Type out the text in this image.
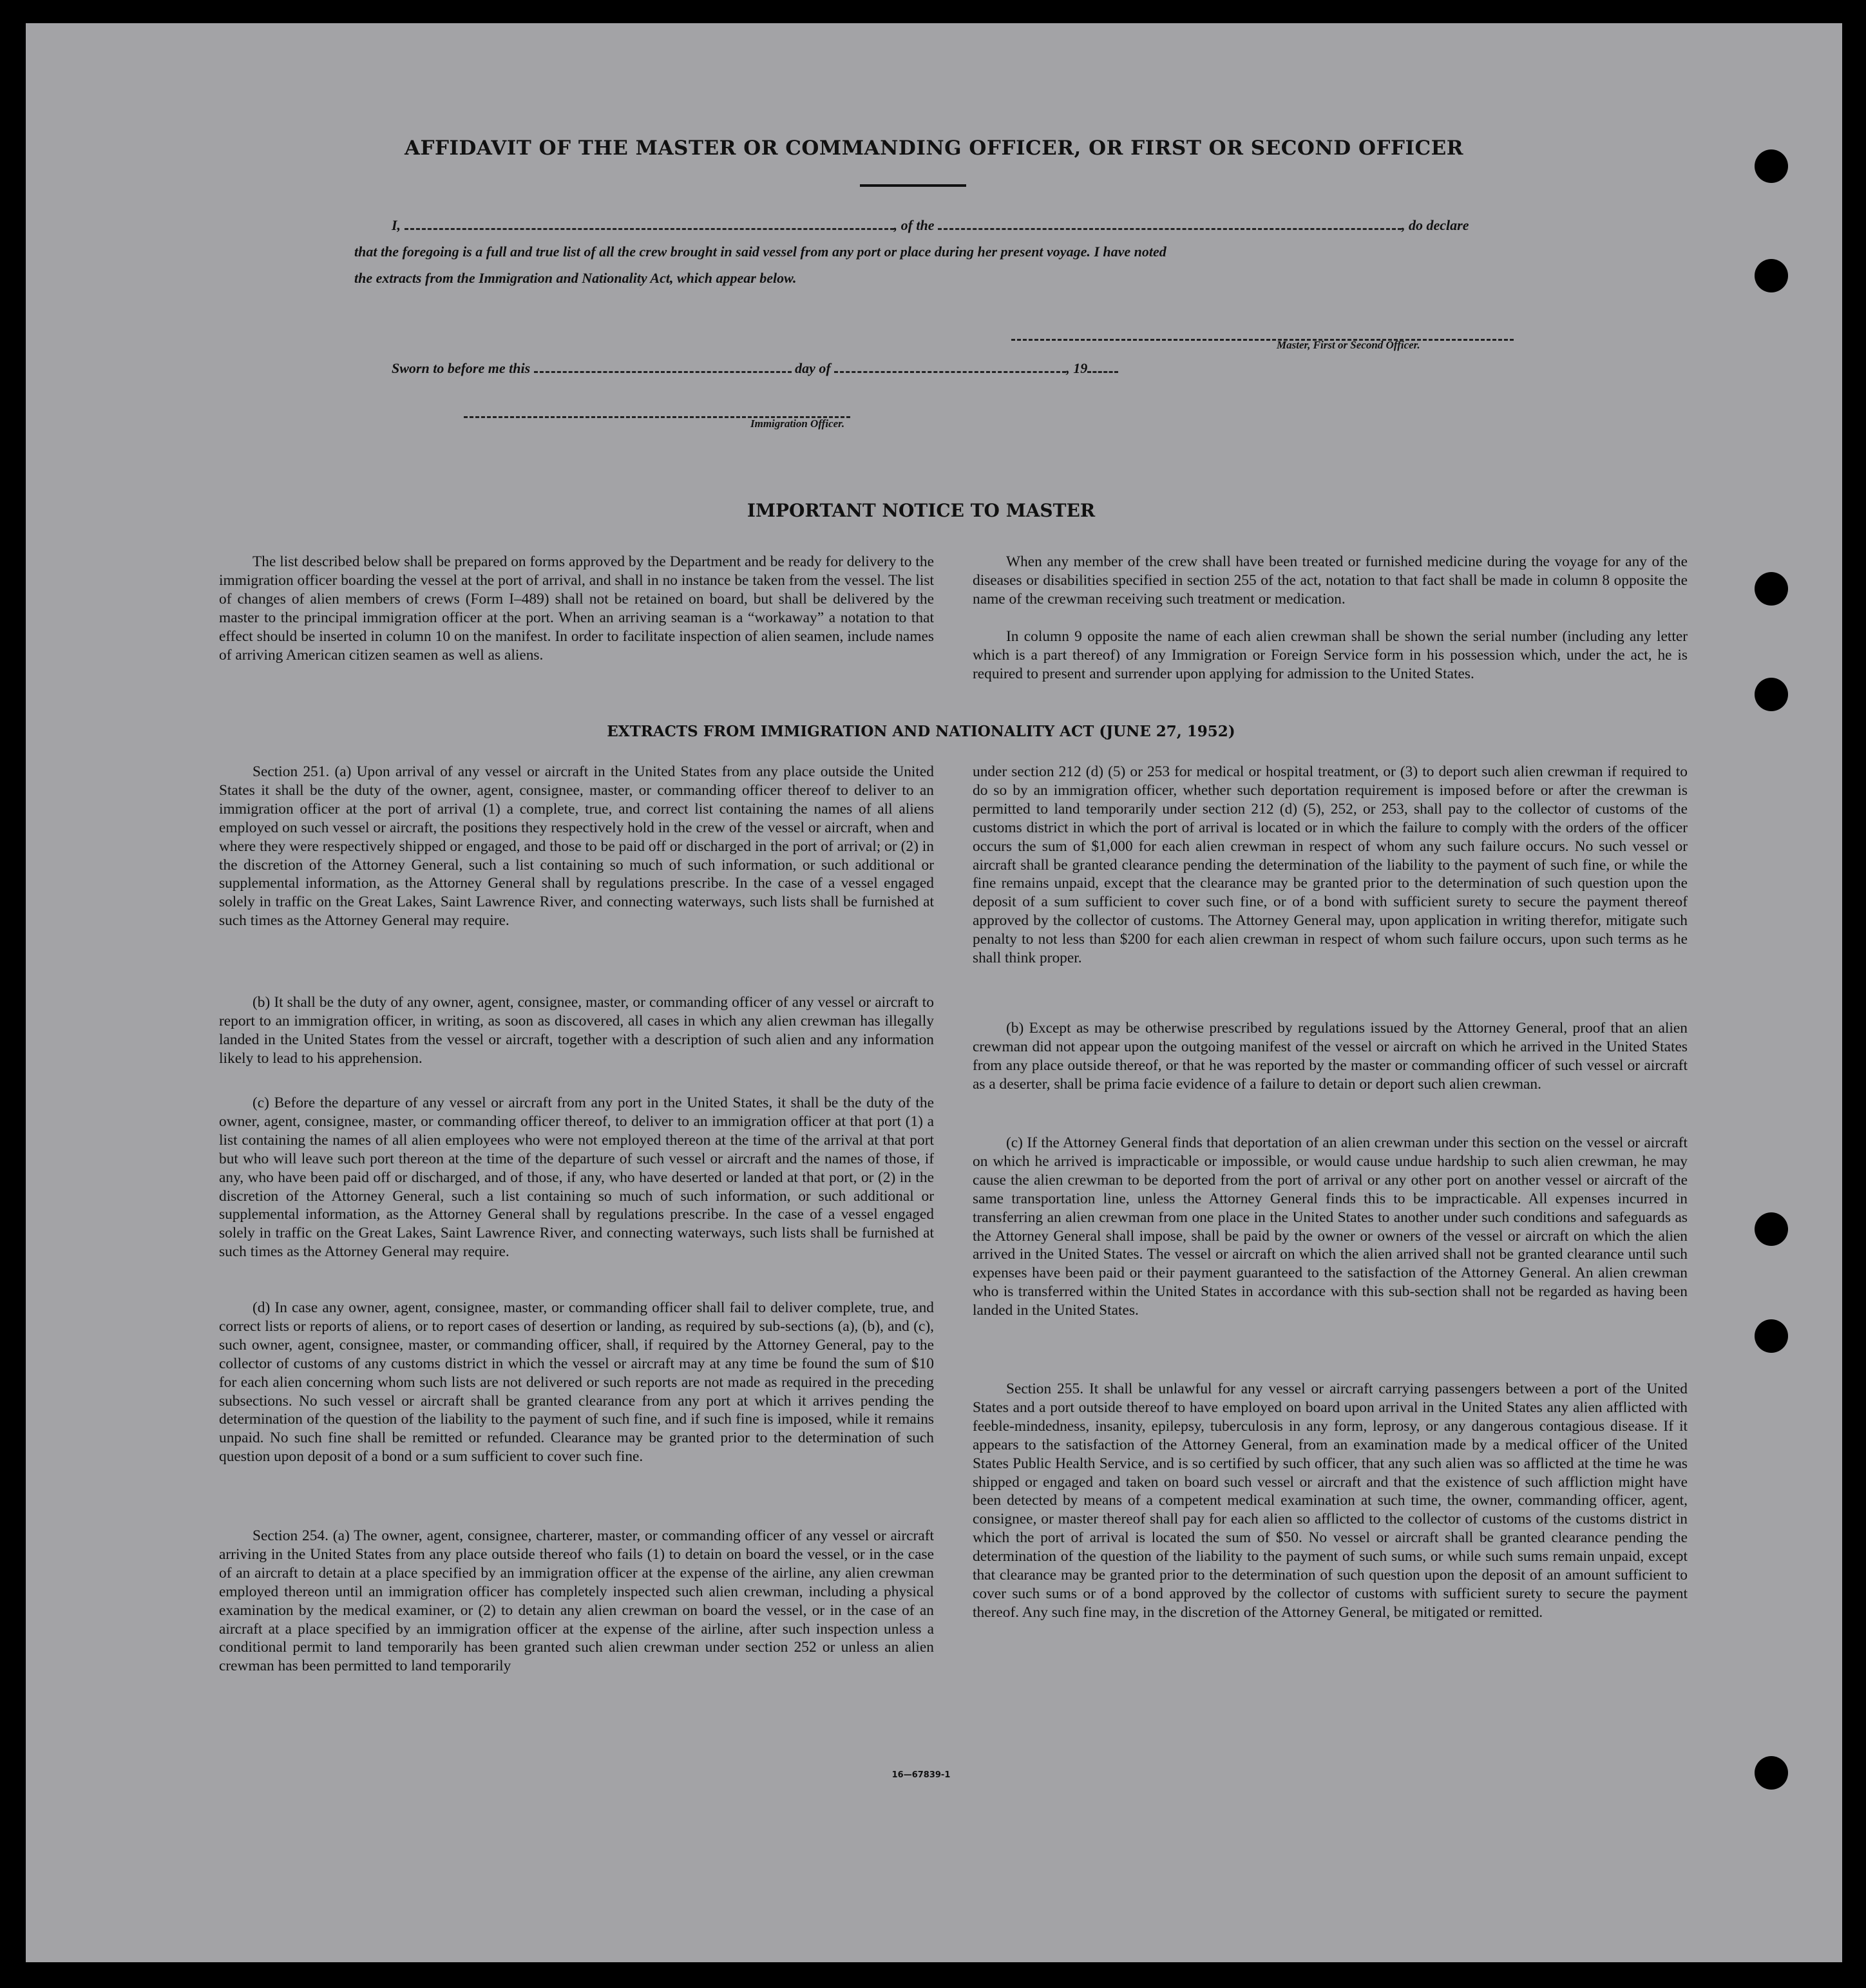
AFFIDAVIT OF THE MASTER OR COMMANDING OFFICER, OR FIRST OR SECOND OFFICER
I,	, of the	, do declare
that the foregoing is a full and true list of all the crew brought in said vessel from any port or place during her present voyage. I have noted
the extracts from the Immigration and Nationality Act, which appear below.
Master, First or Second Officer.
Sworn to before me this	day of	, 19
Immigration Officer.
IMPORTANT NOTICE TO MASTER

The list described below shall be prepared on forms approved by the Department and be ready for delivery to the immigration officer boarding the vessel at the port of arrival, and shall in no instance be taken from the vessel. The list of changes of alien members of crews (Form I–489) shall not be retained on board, but shall be delivered by the master to the principal immigration officer at the port. When an arriving seaman is a “workaway” a notation to that effect should be inserted in column 10 on the manifest. In order to facilitate inspection of alien seamen, include names of arriving American citizen seamen as well as aliens.

When any member of the crew shall have been treated or furnished medicine during the voyage for any of the diseases or disabilities specified in section 255 of the act, notation to that fact shall be made in column 8 opposite the name of the crewman receiving such treatment or medication.

In column 9 opposite the name of each alien crewman shall be shown the serial number (including any letter which is a part thereof) of any Immigration or Foreign Service form in his possession which, under the act, he is required to present and surrender upon applying for admission to the United States.

EXTRACTS FROM IMMIGRATION AND NATIONALITY ACT (JUNE 27, 1952)

Section 251. (a) Upon arrival of any vessel or aircraft in the United States from any place outside the United States it shall be the duty of the owner, agent, consignee, master, or commanding officer thereof to deliver to an immigration officer at the port of arrival (1) a complete, true, and correct list containing the names of all aliens employed on such vessel or aircraft, the positions they respectively hold in the crew of the vessel or aircraft, when and where they were respectively shipped or engaged, and those to be paid off or discharged in the port of arrival; or (2) in the discretion of the Attorney General, such a list containing so much of such information, or such additional or supplemental information, as the Attorney General shall by regulations prescribe. In the case of a vessel engaged solely in traffic on the Great Lakes, Saint Lawrence River, and connecting waterways, such lists shall be furnished at such times as the Attorney General may require.

(b) It shall be the duty of any owner, agent, consignee, master, or commanding officer of any vessel or aircraft to report to an immigration officer, in writing, as soon as discovered, all cases in which any alien crewman has illegally landed in the United States from the vessel or aircraft, together with a description of such alien and any information likely to lead to his apprehension.

(c) Before the departure of any vessel or aircraft from any port in the United States, it shall be the duty of the owner, agent, consignee, master, or commanding officer thereof, to deliver to an immigration officer at that port (1) a list containing the names of all alien employees who were not employed thereon at the time of the arrival at that port but who will leave such port thereon at the time of the departure of such vessel or aircraft and the names of those, if any, who have been paid off or discharged, and of those, if any, who have deserted or landed at that port, or (2) in the discretion of the Attorney General, such a list containing so much of such information, or such additional or supplemental information, as the Attorney General shall by regulations prescribe. In the case of a vessel engaged solely in traffic on the Great Lakes, Saint Lawrence River, and connecting waterways, such lists shall be furnished at such times as the Attorney General may require.

(d) In case any owner, agent, consignee, master, or commanding officer shall fail to deliver complete, true, and correct lists or reports of aliens, or to report cases of desertion or landing, as required by sub-sections (a), (b), and (c), such owner, agent, consignee, master, or commanding officer, shall, if required by the Attorney General, pay to the collector of customs of any customs district in which the vessel or aircraft may at any time be found the sum of $10 for each alien concerning whom such lists are not delivered or such reports are not made as required in the preceding subsections. No such vessel or aircraft shall be granted clearance from any port at which it arrives pending the determination of the question of the liability to the payment of such fine, and if such fine is imposed, while it remains unpaid. No such fine shall be remitted or refunded. Clearance may be granted prior to the determination of such question upon deposit of a bond or a sum sufficient to cover such fine.

Section 254. (a) The owner, agent, consignee, charterer, master, or commanding officer of any vessel or aircraft arriving in the United States from any place outside thereof who fails (1) to detain on board the vessel, or in the case of an aircraft to detain at a place specified by an immigration officer at the expense of the airline, any alien crewman employed thereon until an immigration officer has completely inspected such alien crewman, including a physical examination by the medical examiner, or (2) to detain any alien crewman on board the vessel, or in the case of an aircraft at a place specified by an immigration officer at the expense of the airline, after such inspection unless a conditional permit to land temporarily has been granted such alien crewman under section 252 or unless an alien crewman has been permitted to land temporarily

under section 212 (d) (5) or 253 for medical or hospital treatment, or (3) to deport such alien crewman if required to do so by an immigration officer, whether such deportation requirement is imposed before or after the crewman is permitted to land temporarily under section 212 (d) (5), 252, or 253, shall pay to the collector of customs of the customs district in which the port of arrival is located or in which the failure to comply with the orders of the officer occurs the sum of $1,000 for each alien crewman in respect of whom any such failure occurs. No such vessel or aircraft shall be granted clearance pending the determination of the liability to the payment of such fine, or while the fine remains unpaid, except that the clearance may be granted prior to the determination of such question upon the deposit of a sum sufficient to cover such fine, or of a bond with sufficient surety to secure the payment thereof approved by the collector of customs. The Attorney General may, upon application in writing therefor, mitigate such penalty to not less than $200 for each alien crewman in respect of whom such failure occurs, upon such terms as he shall think proper.

(b) Except as may be otherwise prescribed by regulations issued by the Attorney General, proof that an alien crewman did not appear upon the outgoing manifest of the vessel or aircraft on which he arrived in the United States from any place outside thereof, or that he was reported by the master or commanding officer of such vessel or aircraft as a deserter, shall be prima facie evidence of a failure to detain or deport such alien crewman.

(c) If the Attorney General finds that deportation of an alien crewman under this section on the vessel or aircraft on which he arrived is impracticable or impossible, or would cause undue hardship to such alien crewman, he may cause the alien crewman to be deported from the port of arrival or any other port on another vessel or aircraft of the same transportation line, unless the Attorney General finds this to be impracticable. All expenses incurred in transferring an alien crewman from one place in the United States to another under such conditions and safeguards as the Attorney General shall impose, shall be paid by the owner or owners of the vessel or aircraft on which the alien arrived in the United States. The vessel or aircraft on which the alien arrived shall not be granted clearance until such expenses have been paid or their payment guaranteed to the satisfaction of the Attorney General. An alien crewman who is transferred within the United States in accordance with this sub-section shall not be regarded as having been landed in the United States.

Section 255. It shall be unlawful for any vessel or aircraft carrying passengers between a port of the United States and a port outside thereof to have employed on board upon arrival in the United States any alien afflicted with feeble-mindedness, insanity, epilepsy, tuberculosis in any form, leprosy, or any dangerous contagious disease. If it appears to the satisfaction of the Attorney General, from an examination made by a medical officer of the United States Public Health Service, and is so certified by such officer, that any such alien was so afflicted at the time he was shipped or engaged and taken on board such vessel or aircraft and that the existence of such affliction might have been detected by means of a competent medical examination at such time, the owner, commanding officer, agent, consignee, or master thereof shall pay for each alien so afflicted to the collector of customs of the customs district in which the port of arrival is located the sum of $50. No vessel or aircraft shall be granted clearance pending the determination of the question of the liability to the payment of such sums, or while such sums remain unpaid, except that clearance may be granted prior to the determination of such question upon the deposit of an amount sufficient to cover such sums or of a bond approved by the collector of customs with sufficient surety to secure the payment thereof. Any such fine may, in the discretion of the Attorney General, be mitigated or remitted.

16—67839-1
